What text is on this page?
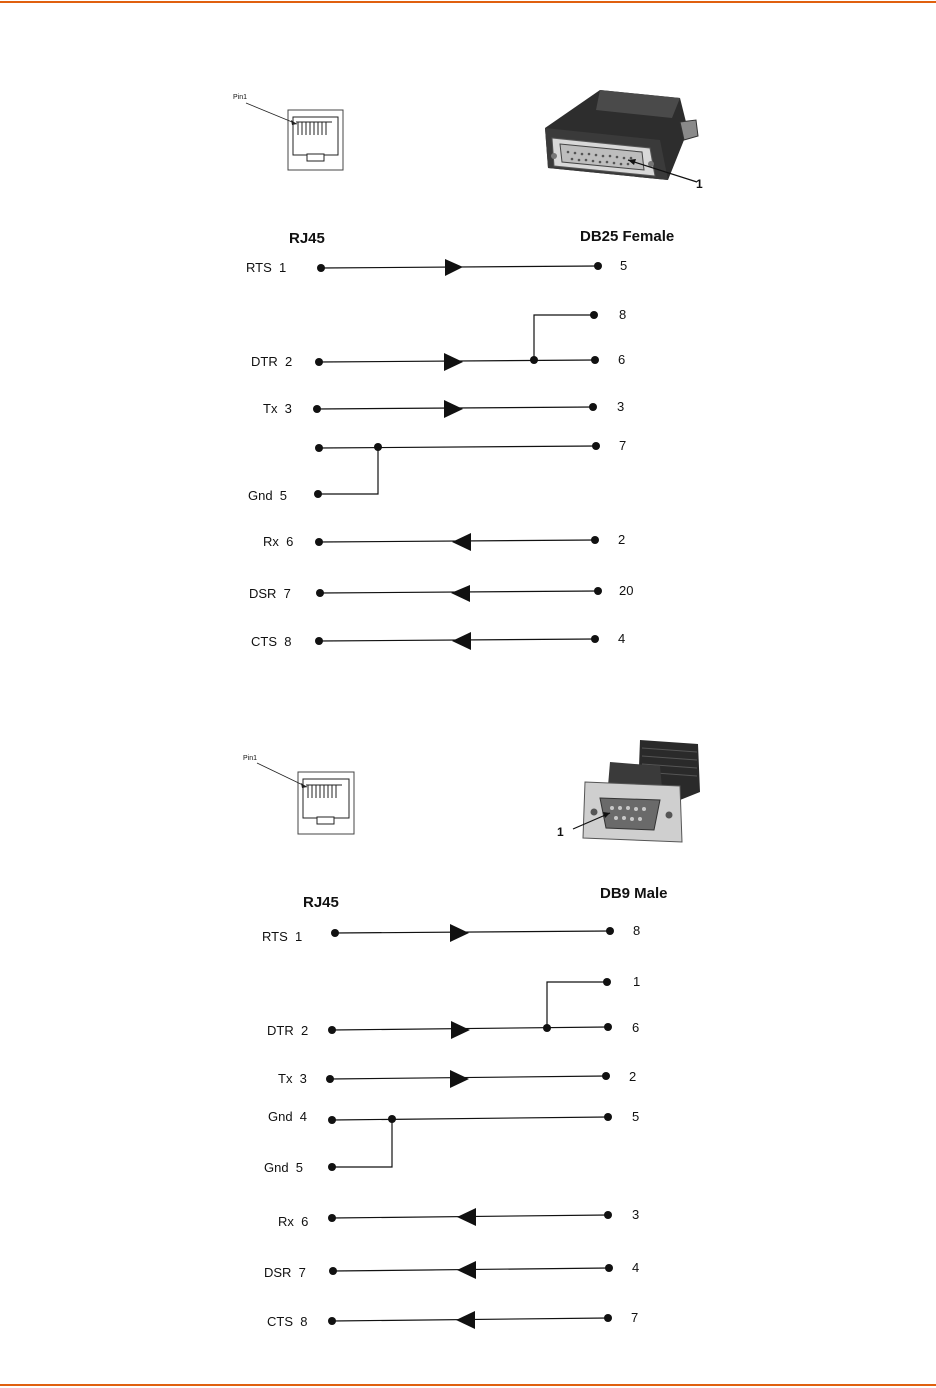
Pin1
1
RJ45	DB25 Female
RTS  1	5
8
DTR  2	6
Tx  3	3
7
Gnd  5
Rx  6	2
DSR  7	20
CTS  8	4
Pin1
1
RJ45
DB9 Male
RTS  1	8
1
DTR  2	6
Tx  3	2
Gnd  4	5
Gnd  5
Rx  6	3
DSR  7	4
CTS  8	7
